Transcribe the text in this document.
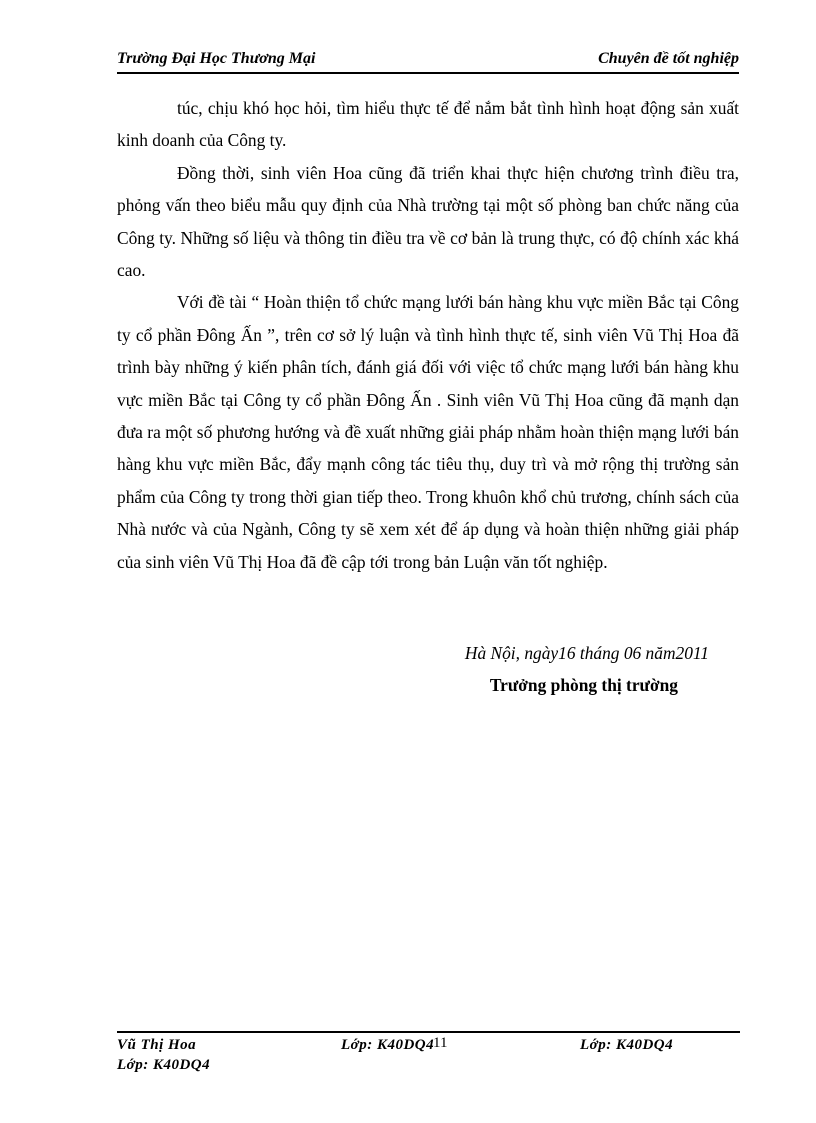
Trường Đại Học Thương Mại	Chuyên đề tốt nghiệp

túc, chịu khó học hỏi, tìm hiểu thực tế để nắm bắt tình hình hoạt động sản xuất kinh doanh của Công ty.

Đồng thời, sinh viên Hoa cũng đã triển khai thực hiện chương trình điều tra, phỏng vấn theo biểu mẫu quy định của Nhà trường tại một số phòng ban chức năng của Công ty. Những số liệu và thông tin điều tra về cơ bản là trung thực, có độ chính xác khá cao.

Với đề tài “ Hoàn thiện tổ chức mạng lưới bán hàng khu vực miền Bắc tại Công ty cổ phần Đông Ấn ”, trên cơ sở lý luận và tình hình thực tế, sinh viên Vũ Thị Hoa đã trình bày những ý kiến phân tích, đánh giá đối với việc tổ chức mạng lưới bán hàng khu vực miền Bắc tại Công ty cổ phần Đông Ấn . Sinh viên Vũ Thị Hoa cũng đã mạnh dạn đưa ra một số phương hướng và đề xuất những giải pháp nhằm hoàn thiện mạng lưới bán hàng khu vực miền Bắc, đẩy mạnh công tác tiêu thụ, duy trì và mở rộng thị trường sản phẩm của Công ty trong thời gian tiếp theo. Trong khuôn khổ chủ trương, chính sách của Nhà nước và của Ngành, Công ty sẽ xem xét để áp dụng và hoàn thiện những giải pháp của sinh viên Vũ Thị Hoa đã đề cập tới trong bản Luận văn tốt nghiệp.

Hà Nội, ngày16 tháng 06 năm2011
Trưởng phòng thị trường
Vũ Thị Hoa	Lớp: K40DQ4
11	Lớp: K40DQ4
Lớp: K40DQ4
